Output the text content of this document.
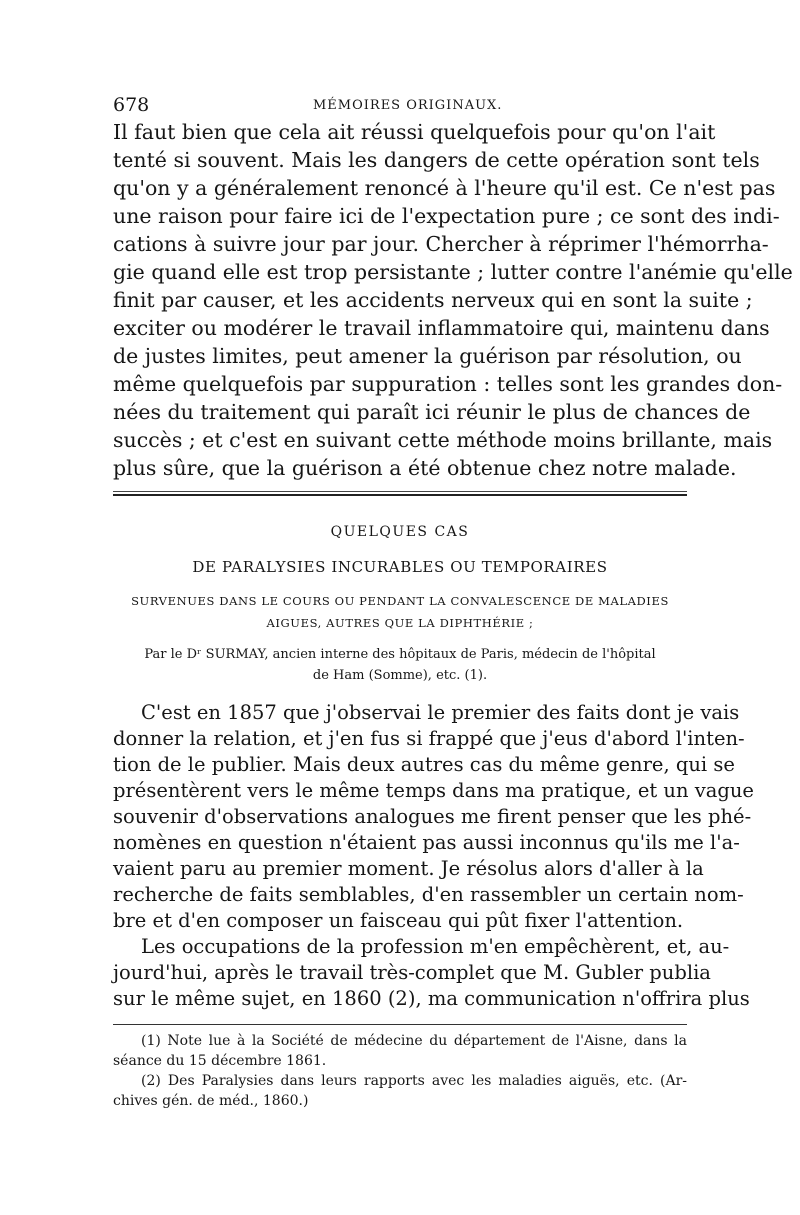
678	MÉMOIRES ORIGINAUX.
Il faut bien que cela ait réussi quelquefois pour qu'on l'ait
tenté si souvent. Mais les dangers de cette opération sont tels
qu'on y a généralement renoncé à l'heure qu'il est. Ce n'est pas
une raison pour faire ici de l'expectation pure ; ce sont des indi-
cations à suivre jour par jour. Chercher à réprimer l'hémorrha-
gie quand elle est trop persistante ; lutter contre l'anémie qu'elle
finit par causer, et les accidents nerveux qui en sont la suite ;
exciter ou modérer le travail inflammatoire qui, maintenu dans
de justes limites, peut amener la guérison par résolution, ou
même quelquefois par suppuration : telles sont les grandes don-
nées du traitement qui paraît ici réunir le plus de chances de
succès ; et c'est en suivant cette méthode moins brillante, mais
plus sûre, que la guérison a été obtenue chez notre malade.
QUELQUES CAS
DE PARALYSIES INCURABLES OU TEMPORAIRES
SURVENUES DANS LE COURS OU PENDANT LA CONVALESCENCE DE MALADIES
AIGUES, AUTRES QUE LA DIPHTHÉRIE ;
Par le Dʳ SURMAY, ancien interne des hôpitaux de Paris, médecin de l'hôpital
de Ham (Somme), etc. (1).
C'est en 1857 que j'observai le premier des faits dont je vais
donner la relation, et j'en fus si frappé que j'eus d'abord l'inten-
tion de le publier. Mais deux autres cas du même genre, qui se
présentèrent vers le même temps dans ma pratique, et un vague
souvenir d'observations analogues me firent penser que les phé-
nomènes en question n'étaient pas aussi inconnus qu'ils me l'a-
vaient paru au premier moment. Je résolus alors d'aller à la
recherche de faits semblables, d'en rassembler un certain nom-
bre et d'en composer un faisceau qui pût fixer l'attention.
Les occupations de la profession m'en empêchèrent, et, au-
jourd'hui, après le travail très-complet que M. Gubler publia
sur le même sujet, en 1860 (2), ma communication n'offrira plus
(1) Note lue à la Société de médecine du département de l'Aisne, dans la
séance du 15 décembre 1861.
(2) Des Paralysies dans leurs rapports avec les maladies aiguës, etc. (Ar-
chives gén. de méd., 1860.)
